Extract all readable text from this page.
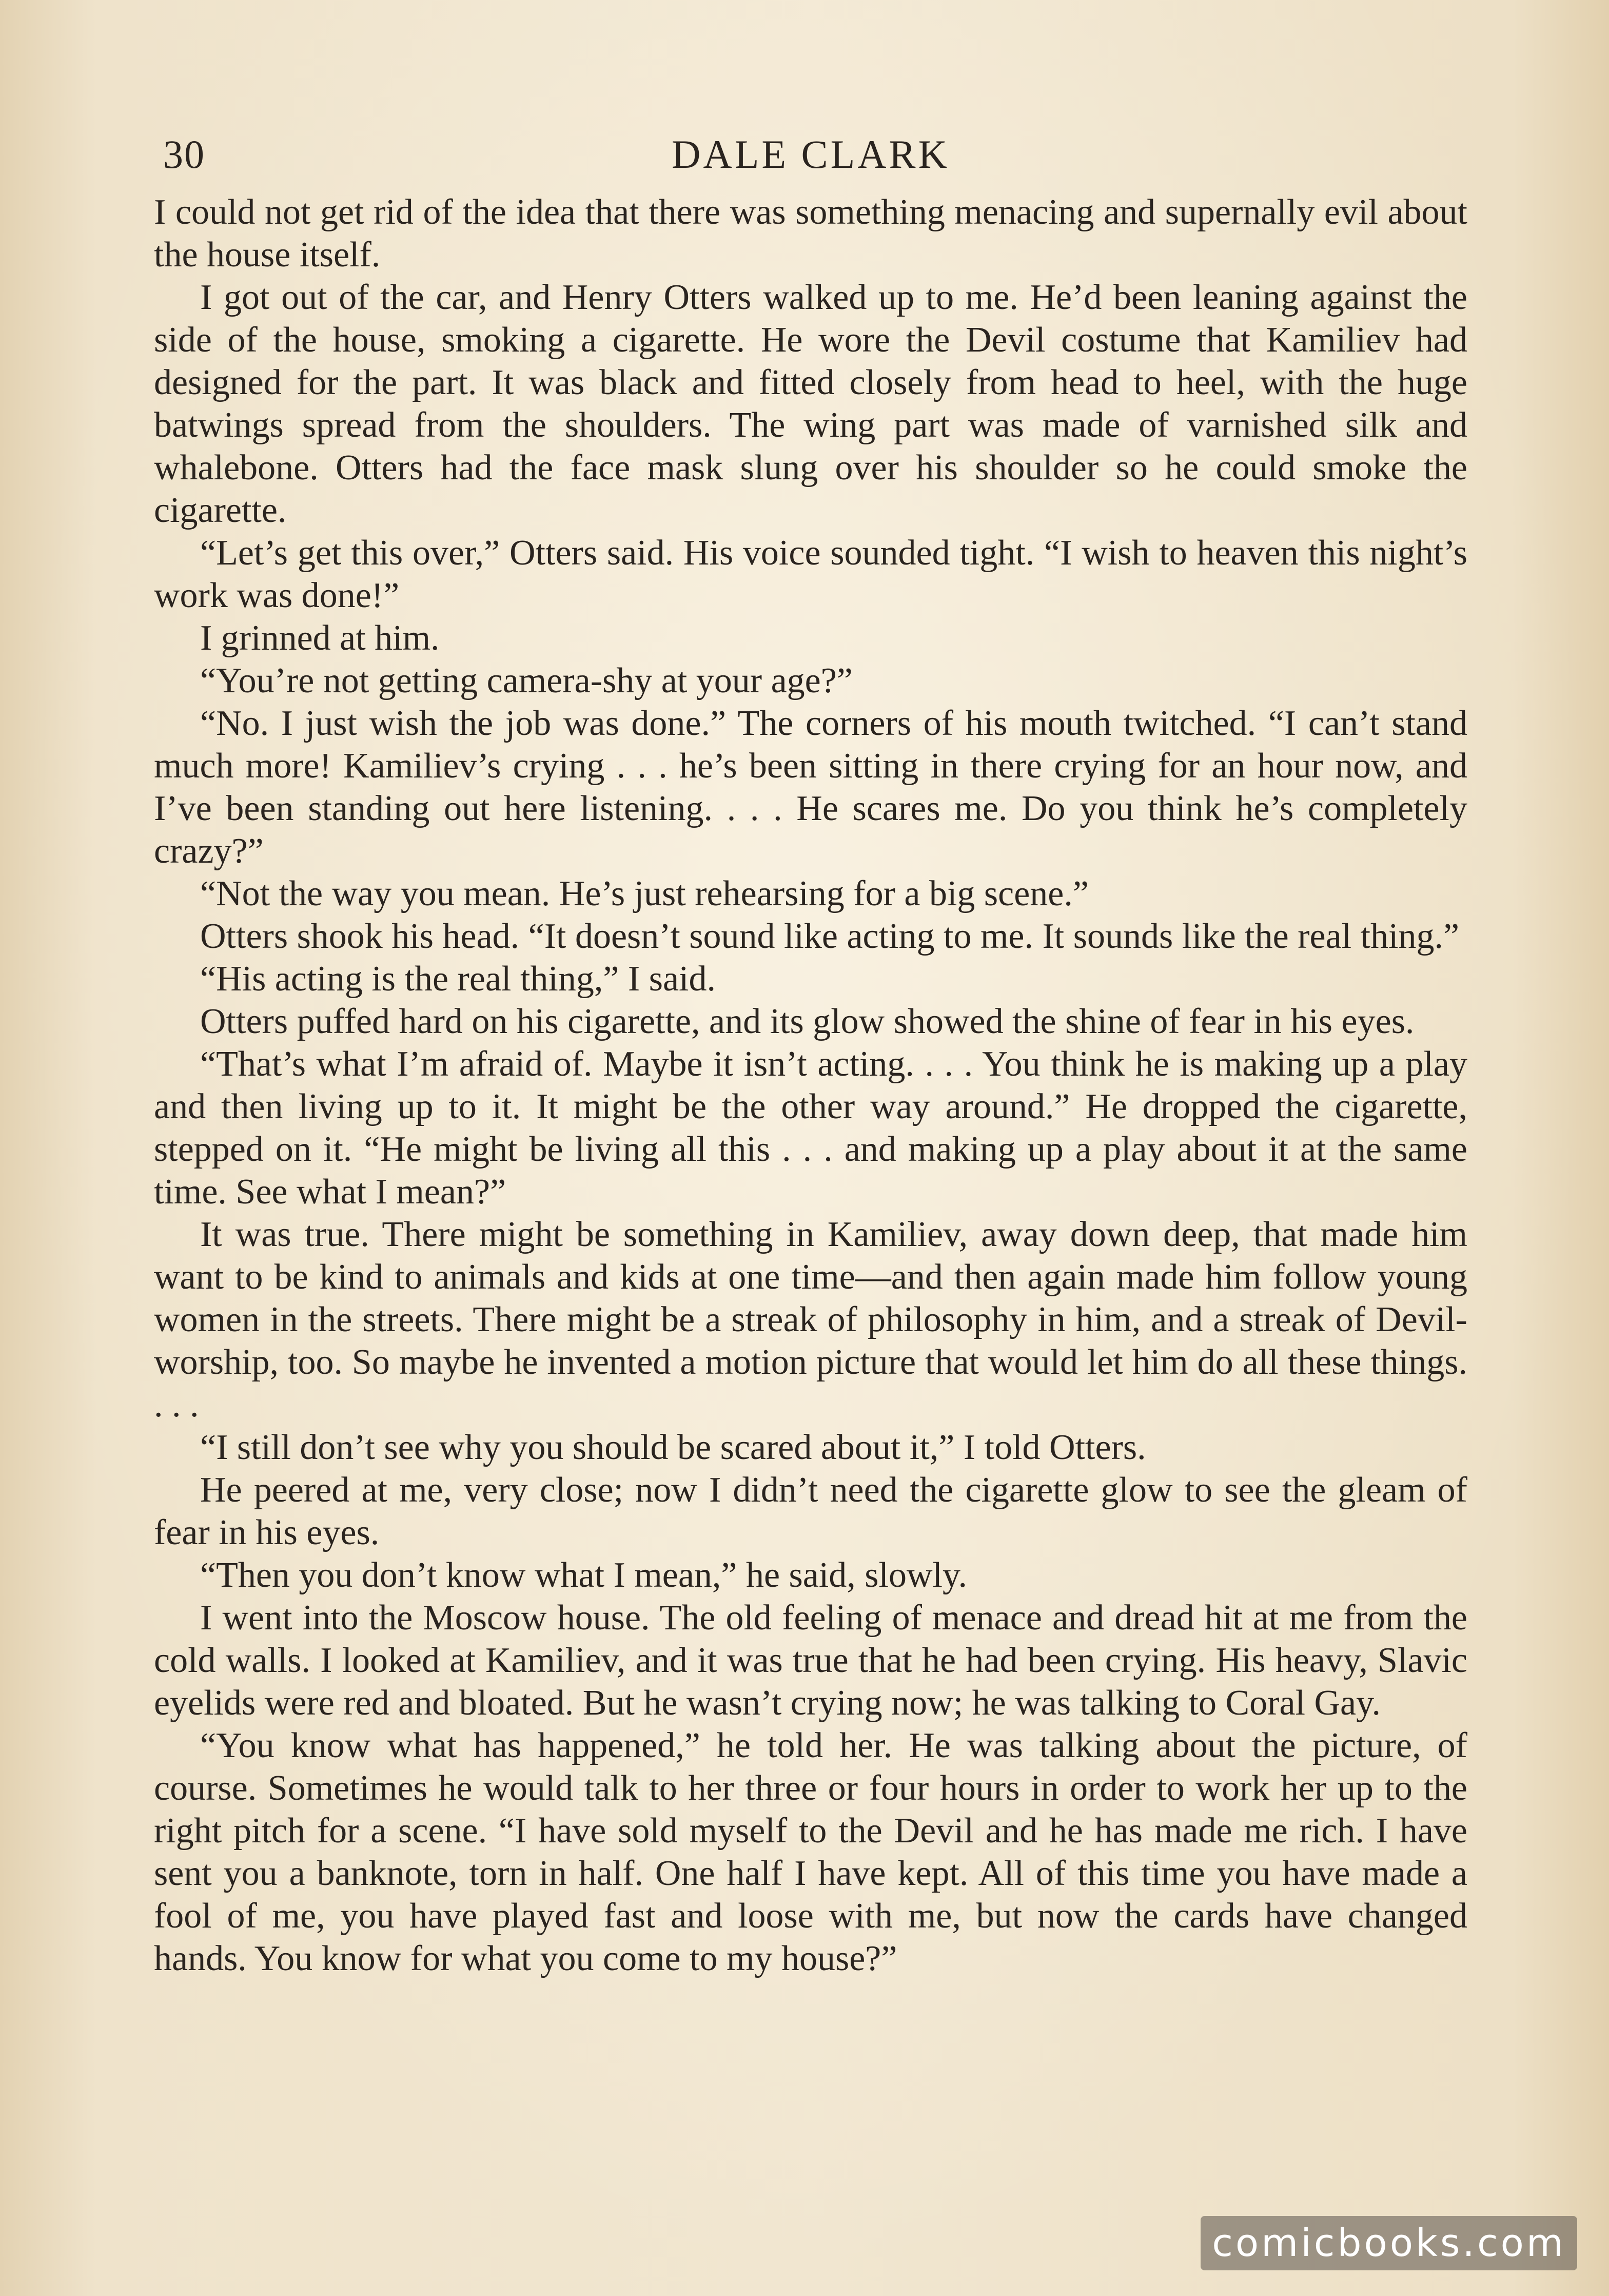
30	DALE CLARK

I could not get rid of the idea that there was something menacing and supernally evil about the house itself.

I got out of the car, and Henry Otters walked up to me. He’d been leaning against the side of the house, smoking a cigarette. He wore the Devil costume that Kamiliev had designed for the part. It was black and fitted closely from head to heel, with the huge batwings spread from the shoulders. The wing part was made of varnished silk and whalebone. Otters had the face mask slung over his shoulder so he could smoke the cigarette.

“Let’s get this over,” Otters said. His voice sounded tight. “I wish to heaven this night’s work was done!”

I grinned at him.

“You’re not getting camera-shy at your age?”

“No. I just wish the job was done.” The corners of his mouth twitched. “I can’t stand much more! Kamiliev’s crying . . . he’s been sitting in there crying for an hour now, and I’ve been standing out here listening. . . . He scares me. Do you think he’s completely crazy?”

“Not the way you mean. He’s just rehearsing for a big scene.”

Otters shook his head. “It doesn’t sound like acting to me. It sounds like the real thing.”

“His acting is the real thing,” I said.

Otters puffed hard on his cigarette, and its glow showed the shine of fear in his eyes.

“That’s what I’m afraid of. Maybe it isn’t acting. . . . You think he is making up a play and then living up to it. It might be the other way around.” He dropped the cigarette, stepped on it. “He might be living all this . . . and making up a play about it at the same time. See what I mean?”

It was true. There might be something in Kamiliev, away down deep, that made him want to be kind to animals and kids at one time—and then again made him follow young women in the streets. There might be a streak of philosophy in him, and a streak of Devil-worship, too. So maybe he invented a motion picture that would let him do all these things. . . .

“I still don’t see why you should be scared about it,” I told Otters.

He peered at me, very close; now I didn’t need the cigarette glow to see the gleam of fear in his eyes.

“Then you don’t know what I mean,” he said, slowly.

I went into the Moscow house. The old feeling of menace and dread hit at me from the cold walls. I looked at Kamiliev, and it was true that he had been crying. His heavy, Slavic eyelids were red and bloated. But he wasn’t crying now; he was talking to Coral Gay.

“You know what has happened,” he told her. He was talking about the picture, of course. Sometimes he would talk to her three or four hours in order to work her up to the right pitch for a scene. “I have sold myself to the Devil and he has made me rich. I have sent you a banknote, torn in half. One half I have kept. All of this time you have made a fool of me, you have played fast and loose with me, but now the cards have changed hands. You know for what you come to my house?”

comicbooks.com
